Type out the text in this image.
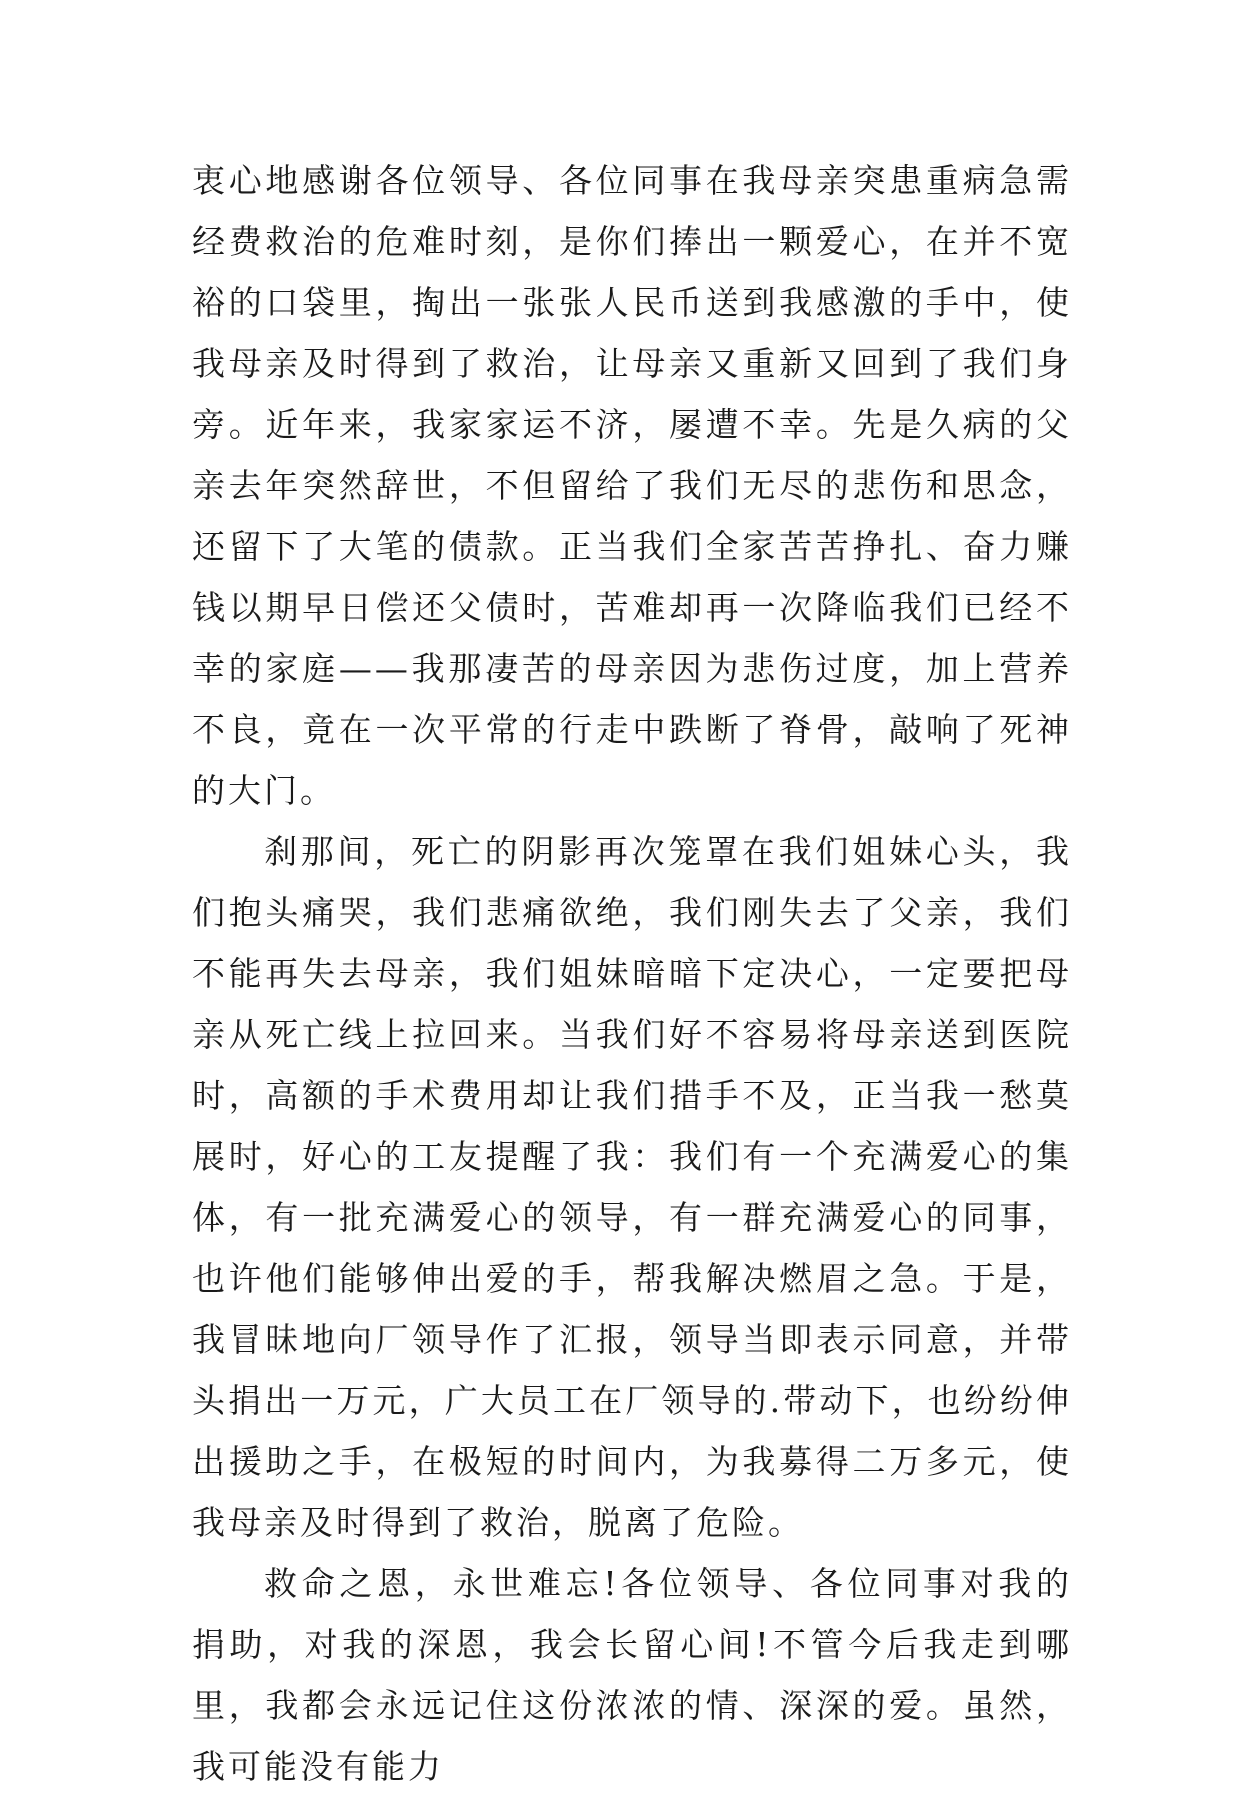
衷心地感谢各位领导、各位同事在我母亲突患重病急需经费救治的危难时刻，是你们捧出一颗爱心，在并不宽裕的口袋里，掏出一张张人民币送到我感激的手中，使我母亲及时得到了救治，让母亲又重新又回到了我们身旁。近年来，我家家运不济，屡遭不幸。先是久病的父亲去年突然辞世，不但留给了我们无尽的悲伤和思念，还留下了大笔的债款。正当我们全家苦苦挣扎、奋力赚钱以期早日偿还父债时，苦难却再一次降临我们已经不幸的家庭——我那凄苦的母亲因为悲伤过度，加上营养不良，竟在一次平常的行走中跌断了脊骨，敲响了死神的大门。

刹那间，死亡的阴影再次笼罩在我们姐妹心头，我们抱头痛哭，我们悲痛欲绝，我们刚失去了父亲，我们不能再失去母亲，我们姐妹暗暗下定决心，一定要把母亲从死亡线上拉回来。当我们好不容易将母亲送到医院时，高额的手术费用却让我们措手不及，正当我一愁莫展时，好心的工友提醒了我：我们有一个充满爱心的集体，有一批充满爱心的领导，有一群充满爱心的同事，也许他们能够伸出爱的手，帮我解决燃眉之急。于是，我冒昧地向厂领导作了汇报，领导当即表示同意，并带头捐出一万元，广大员工在厂领导的.带动下，也纷纷伸出援助之手，在极短的时间内，为我募得二万多元，使我母亲及时得到了救治，脱离了危险。

救命之恩，永世难忘!各位领导、各位同事对我的捐助，对我的深恩，我会长留心间!不管今后我走到哪里，我都会永远记住这份浓浓的情、深深的爱。虽然，我可能没有能力
